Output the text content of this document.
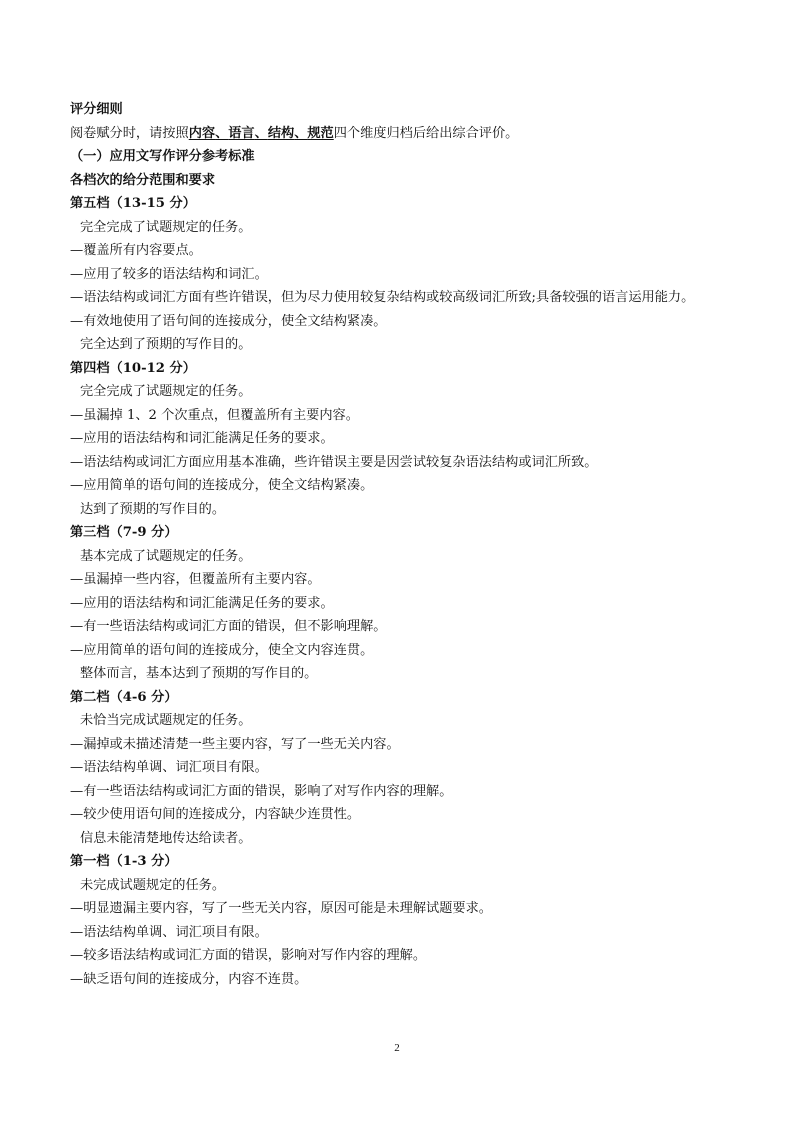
评分细则
阅卷赋分时，请按照内容、语言、结构、规范四个维度归档后给出综合评价。
（一）应用文写作评分参考标准
各档次的给分范围和要求
第五档（13-15 分）
完全完成了试题规定的任务。
—覆盖所有内容要点。
—应用了较多的语法结构和词汇。
—语法结构或词汇方面有些许错误，但为尽力使用较复杂结构或较高级词汇所致;具备较强的语言运用能力。
—有效地使用了语句间的连接成分，使全文结构紧凑。
完全达到了预期的写作目的。
第四档（10-12 分）
完全完成了试题规定的任务。
—虽漏掉 1、2 个次重点，但覆盖所有主要内容。
—应用的语法结构和词汇能满足任务的要求。
—语法结构或词汇方面应用基本准确，些许错误主要是因尝试较复杂语法结构或词汇所致。
—应用简单的语句间的连接成分，使全文结构紧凑。
达到了预期的写作目的。
第三档（7-9 分）
基本完成了试题规定的任务。
—虽漏掉一些内容，但覆盖所有主要内容。
—应用的语法结构和词汇能满足任务的要求。
—有一些语法结构或词汇方面的错误，但不影响理解。
—应用简单的语句间的连接成分，使全文内容连贯。
整体而言，基本达到了预期的写作目的。
第二档（4-6 分）
未恰当完成试题规定的任务。
—漏掉或未描述清楚一些主要内容，写了一些无关内容。
—语法结构单调、词汇项目有限。
—有一些语法结构或词汇方面的错误，影响了对写作内容的理解。
—较少使用语句间的连接成分，内容缺少连贯性。
信息未能清楚地传达给读者。
第一档（1-3 分）
未完成试题规定的任务。
—明显遗漏主要内容，写了一些无关内容，原因可能是未理解试题要求。
—语法结构单调、词汇项目有限。
—较多语法结构或词汇方面的错误，影响对写作内容的理解。
—缺乏语句间的连接成分，内容不连贯。
2
